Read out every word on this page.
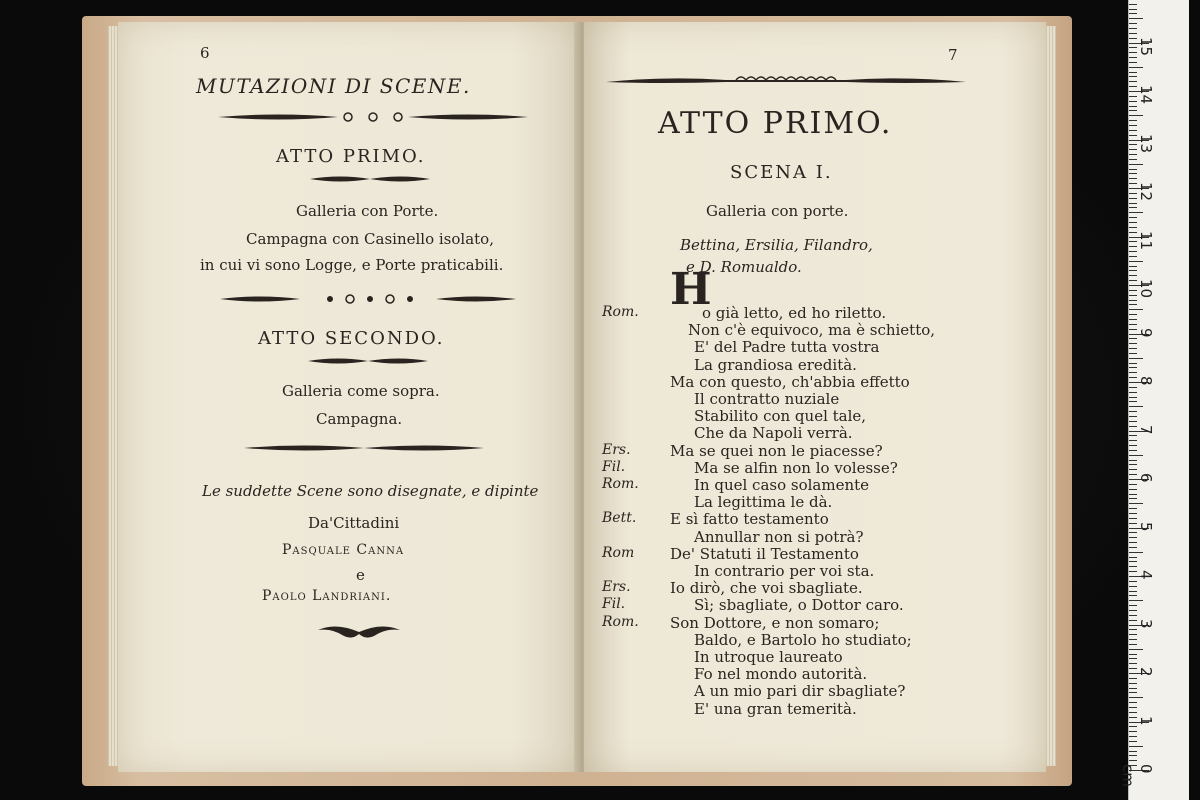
6
MUTAZIONI DI SCENE.
ATTO PRIMO.
Galleria con Porte.
Campagna con Casinello isolato,
in cui vi sono Logge, e Porte praticabili.
ATTO SECONDO.
Galleria come sopra.
Campagna.
Le suddette Scene sono disegnate, e dipinte
Da'Cittadini
Pasquale Canna
e
Paolo Landriani.
7
ATTO PRIMO.
SCENA I.
Galleria con porte.
Bettina, Ersilia, Filandro,
e D. Romualdo.
H
Rom.	o già letto, ed ho riletto.
Non c'è equivoco, ma è schietto,
E' del Padre tutta vostra
La grandiosa eredità.
Ma con questo, ch'abbia effetto
Il contratto nuziale
Stabilito con quel tale,
Che da Napoli verrà.
Ers.	Ma se quei non le piacesse?
Fil.	Ma se alfin non lo volesse?
Rom.	In quel caso solamente
La legittima le dà.
Bett. E sì fatto testamento
Annullar non si potrà?
Rom De' Statuti il Testamento
In contrario per voi sta.
Ers.	Io dirò, che voi sbagliate.
Fil.	Sì; sbagliate, o Dottor caro.
Rom. Son Dottore, e non somaro;
Baldo, e Bartolo ho studiato;
In utroque laureato
Fo nel mondo autorità.
A un mio pari dir sbagliate?
E' una gran temerità.
15
14
13
12
11
10
9
8
7
6
5
4
3
2
1
0 cm
